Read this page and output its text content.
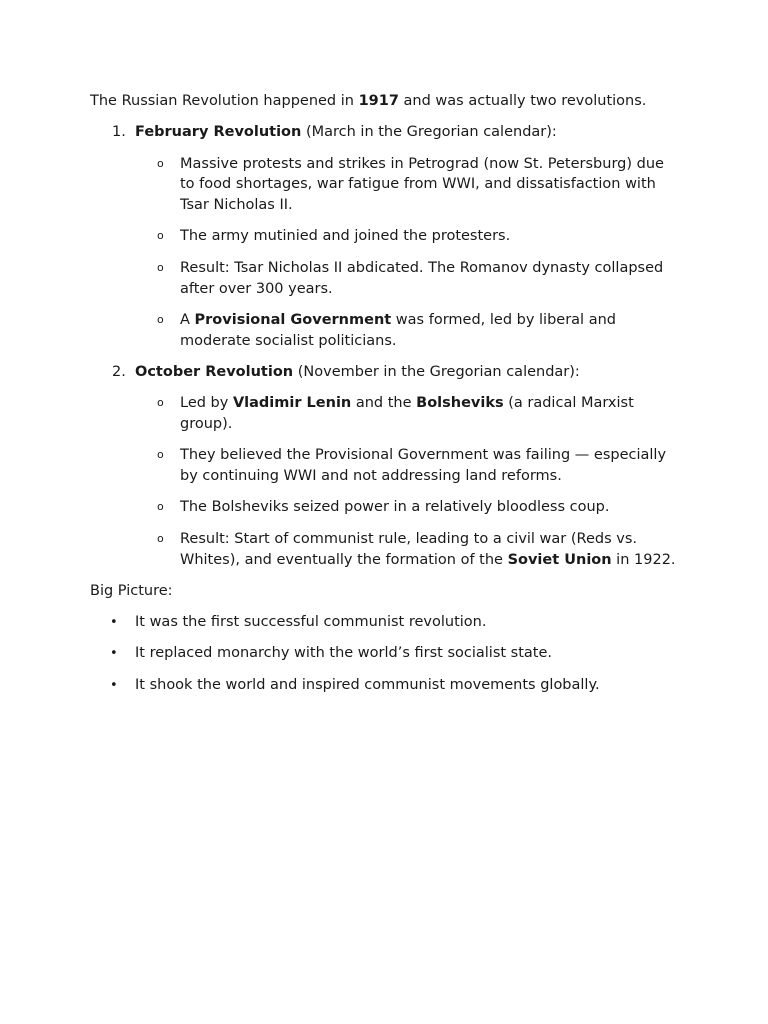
The Russian Revolution happened in 1917 and was actually two revolutions.

1. February Revolution (March in the Gregorian calendar):

o Massive protests and strikes in Petrograd (now St. Petersburg) due to food shortages, war fatigue from WWI, and dissatisfaction with Tsar Nicholas II.

o The army mutinied and joined the protesters.

o Result: Tsar Nicholas II abdicated. The Romanov dynasty collapsed after over 300 years.

o A Provisional Government was formed, led by liberal and moderate socialist politicians.

2. October Revolution (November in the Gregorian calendar):

o Led by Vladimir Lenin and the Bolsheviks (a radical Marxist group).

o They believed the Provisional Government was failing — especially by continuing WWI and not addressing land reforms.

o The Bolsheviks seized power in a relatively bloodless coup.

o Result: Start of communist rule, leading to a civil war (Reds vs. Whites), and eventually the formation of the Soviet Union in 1922.

Big Picture:

• It was the first successful communist revolution.

• It replaced monarchy with the world’s first socialist state.

• It shook the world and inspired communist movements globally.
